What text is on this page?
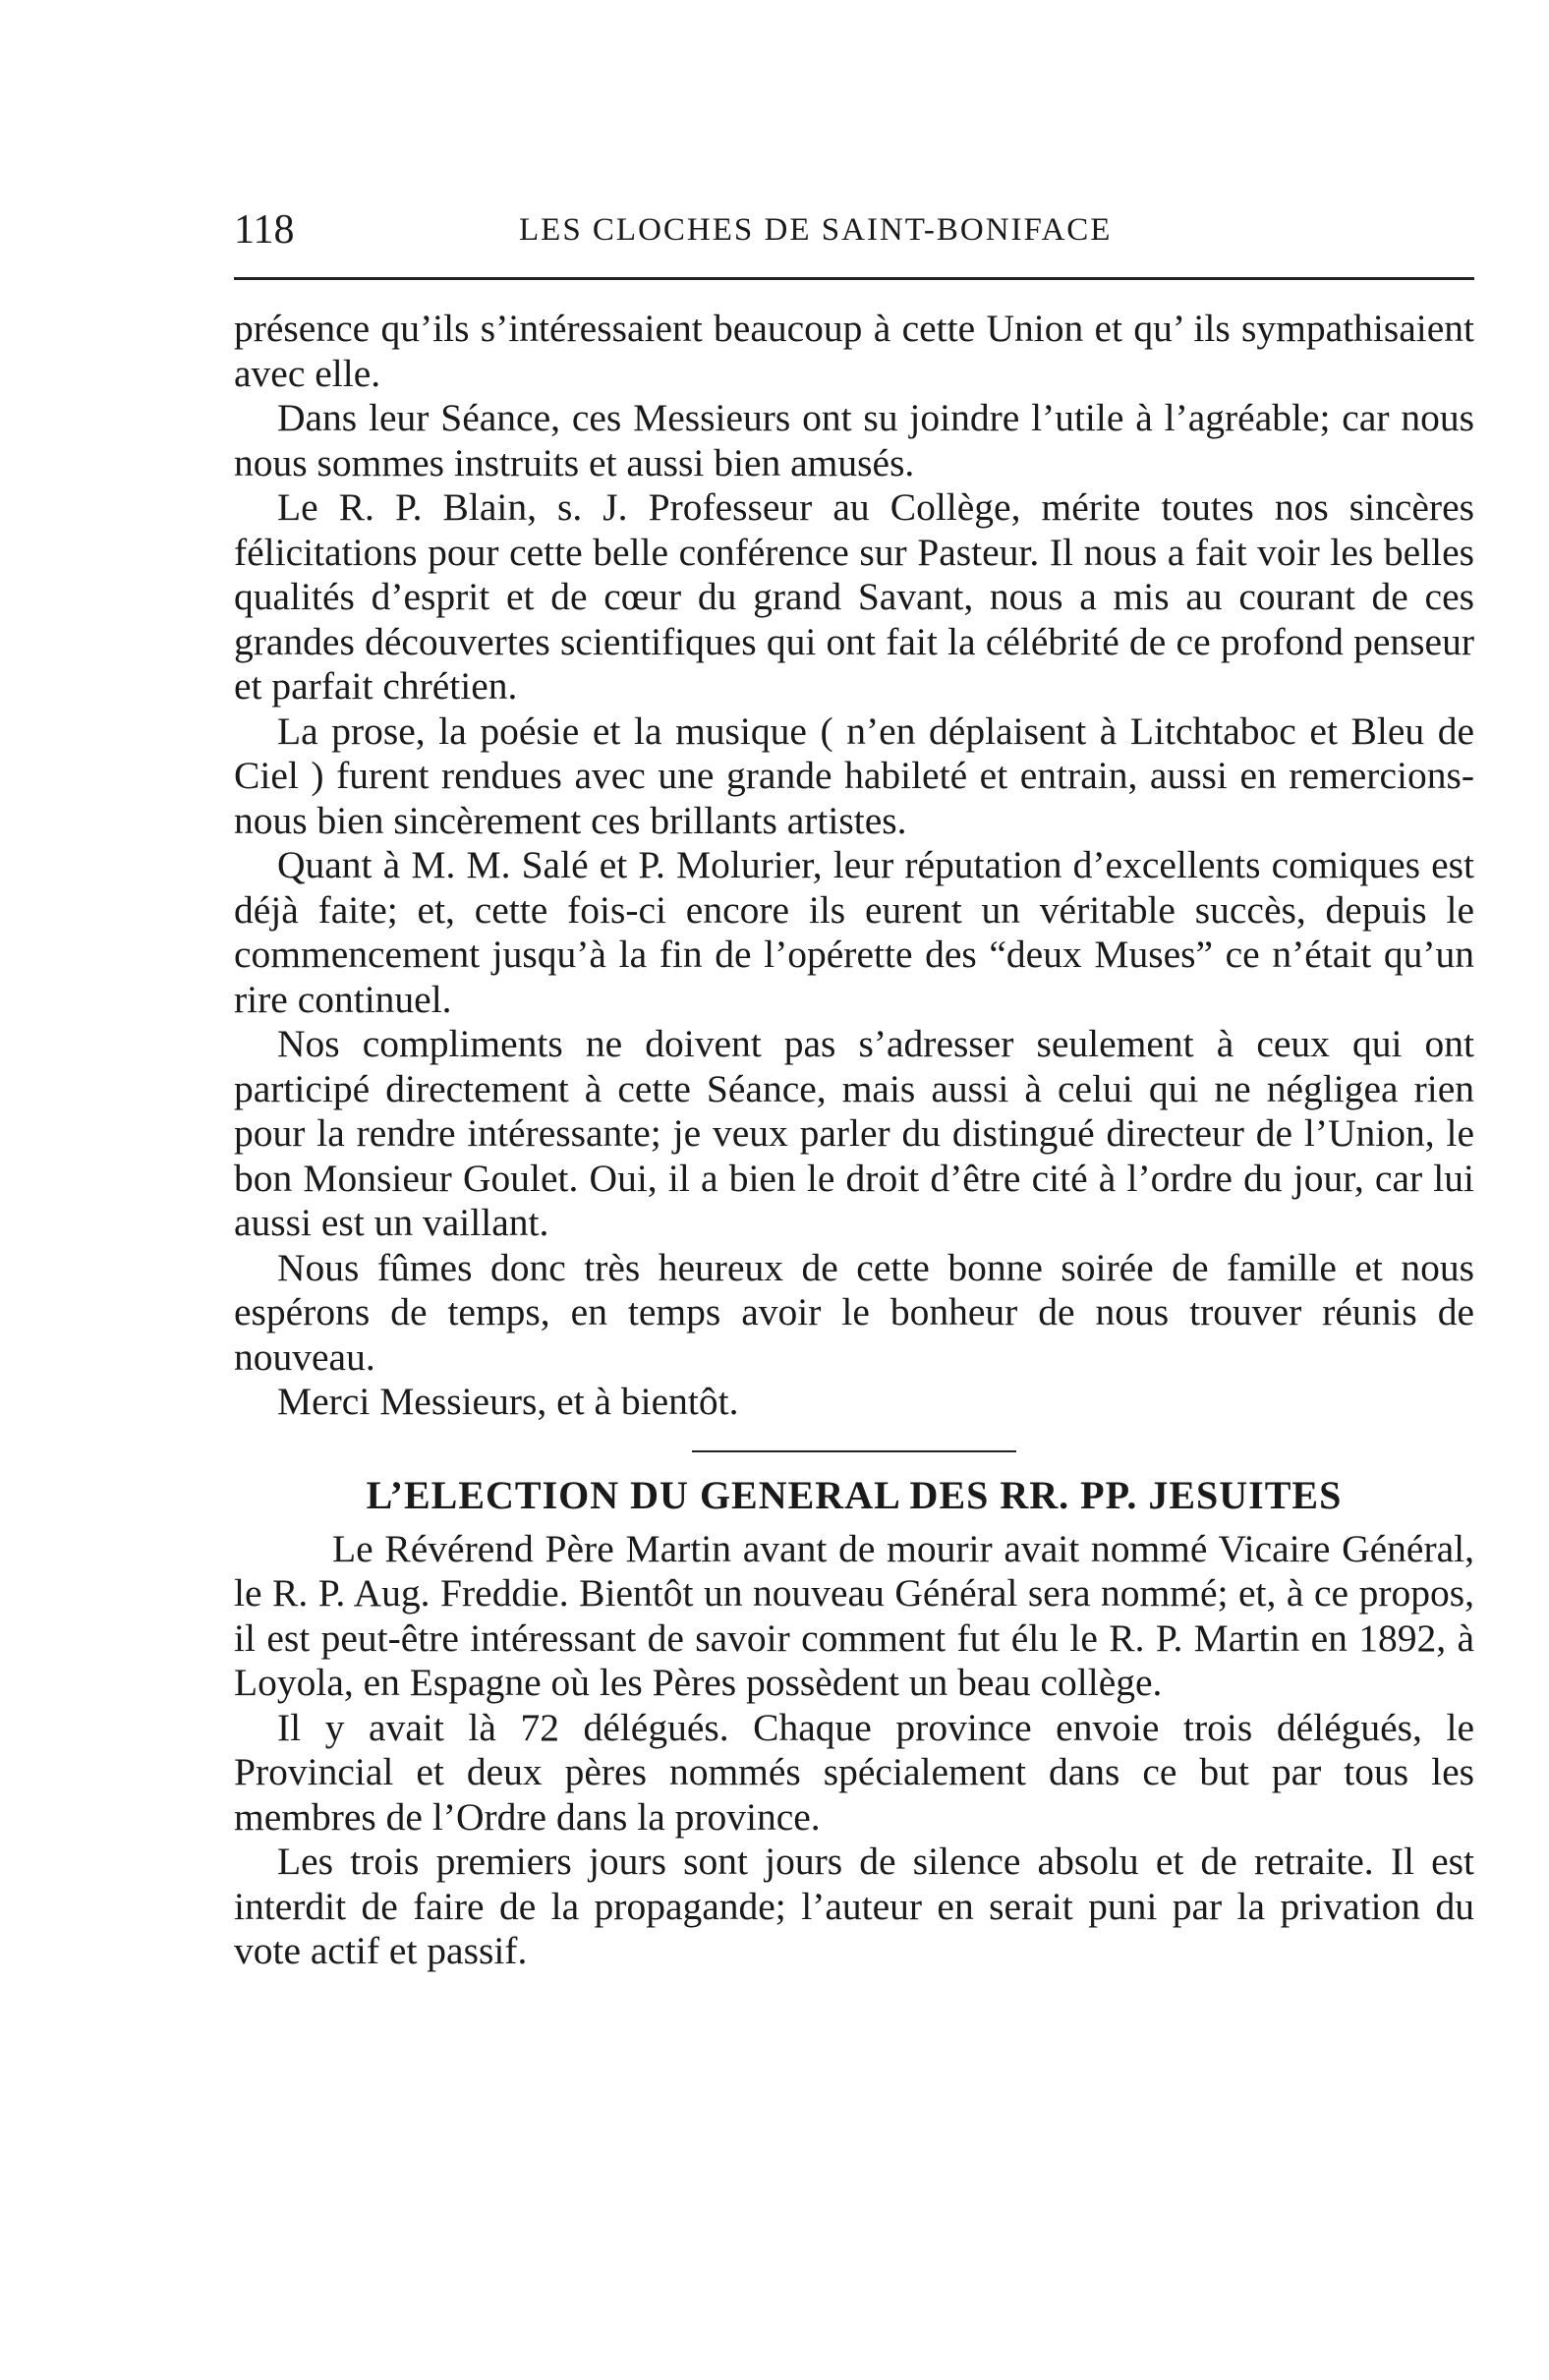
118	LES CLOCHES DE SAINT-BONIFACE

présence qu’ils s’intéressaient beaucoup à cette Union et qu’ ils sympathisaient avec elle.

Dans leur Séance, ces Messieurs ont su joindre l’utile à l’agréable; car nous nous sommes instruits et aussi bien amusés.

Le R. P. Blain, s. J. Professeur au Collège, mérite toutes nos sincères félicitations pour cette belle conférence sur Pasteur. Il nous a fait voir les belles qualités d’esprit et de cœur du grand Savant, nous a mis au courant de ces grandes découvertes scientifiques qui ont fait la célébrité de ce profond penseur et parfait chrétien.

La prose, la poésie et la musique ( n’en déplaisent à Litchtaboc et Bleu de Ciel ) furent rendues avec une grande habileté et entrain, aussi en remercions-nous bien sincèrement ces brillants artistes.

Quant à M. M. Salé et P. Molurier, leur réputation d’excellents comiques est déjà faite; et, cette fois-ci encore ils eurent un véritable succès, depuis le commencement jusqu’à la fin de l’opérette des “deux Muses” ce n’était qu’un rire continuel.

Nos compliments ne doivent pas s’adresser seulement à ceux qui ont participé directement à cette Séance, mais aussi à celui qui ne négligea rien pour la rendre intéressante; je veux parler du distingué directeur de l’Union, le bon Monsieur Goulet. Oui, il a bien le droit d’être cité à l’ordre du jour, car lui aussi est un vaillant.

Nous fûmes donc très heureux de cette bonne soirée de famille et nous espérons de temps, en temps avoir le bonheur de nous trouver réunis de nouveau.

Merci Messieurs, et à bientôt.

L’ELECTION DU GENERAL DES RR. PP. JESUITES

Le Révérend Père Martin avant de mourir avait nommé Vicaire Général, le R. P. Aug. Freddie. Bientôt un nouveau Général sera nommé; et, à ce propos, il est peut-être intéressant de savoir comment fut élu le R. P. Martin en 1892, à Loyola, en Espagne où les Pères possèdent un beau collège.

Il y avait là 72 délégués. Chaque province envoie trois délégués, le Provincial et deux pères nommés spécialement dans ce but par tous les membres de l’Ordre dans la province.

Les trois premiers jours sont jours de silence absolu et de retraite. Il est interdit de faire de la propagande; l’auteur en serait puni par la privation du vote actif et passif.
